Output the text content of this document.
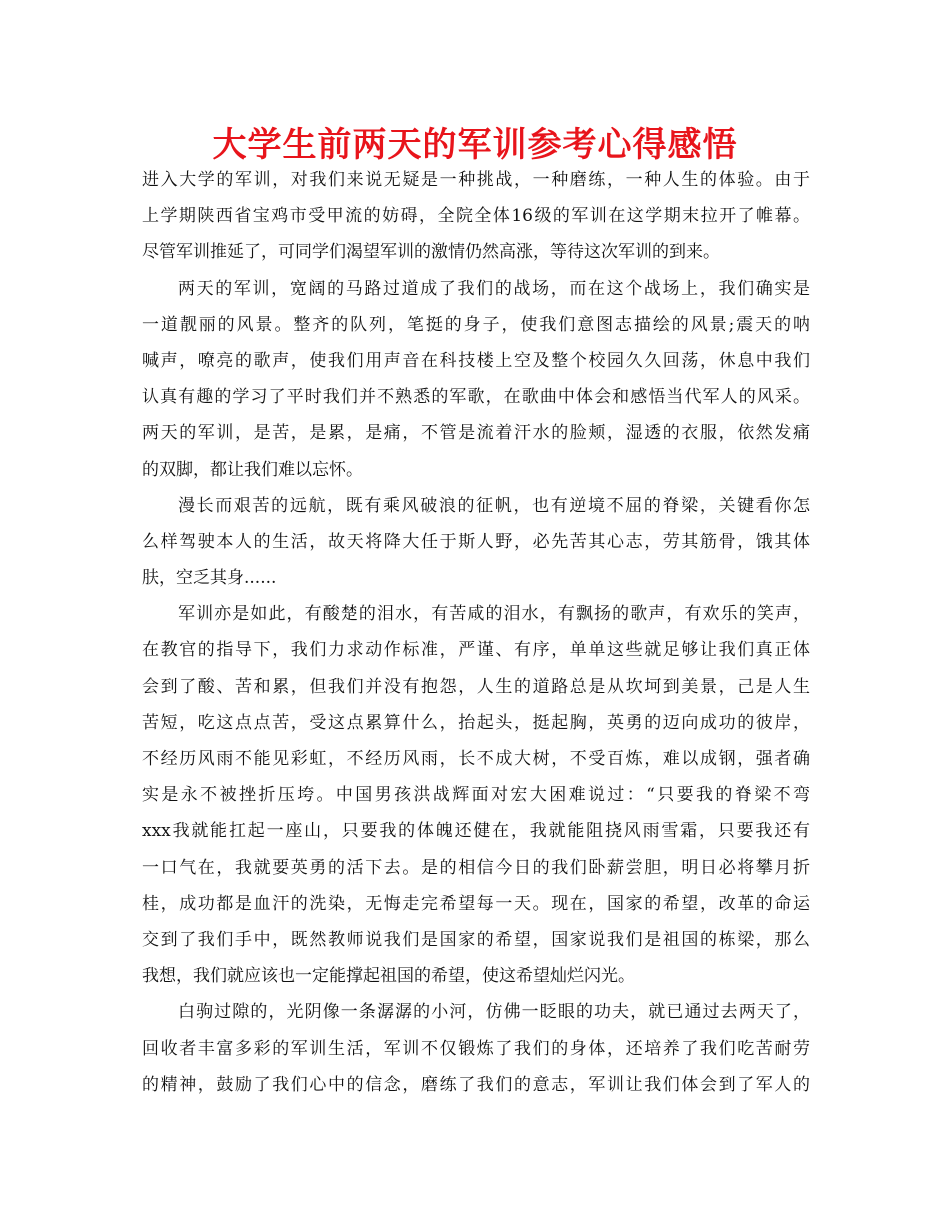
大学生前两天的军训参考心得感悟
进入大学的军训，对我们来说无疑是一种挑战，一种磨练，一种人生的体验。由于
上学期陕西省宝鸡市受甲流的妨碍，全院全体16级的军训在这学期末拉开了帷幕。
尽管军训推延了，可同学们渴望军训的激情仍然高涨，等待这次军训的到来。
两天的军训，宽阔的马路过道成了我们的战场，而在这个战场上，我们确实是
一道靓丽的风景。整齐的队列，笔挺的身子，使我们意图志描绘的风景;震天的呐
喊声，嘹亮的歌声，使我们用声音在科技楼上空及整个校园久久回荡，休息中我们
认真有趣的学习了平时我们并不熟悉的军歌，在歌曲中体会和感悟当代军人的风采。
两天的军训，是苦，是累，是痛，不管是流着汗水的脸颊，湿透的衣服，依然发痛
的双脚，都让我们难以忘怀。
漫长而艰苦的远航，既有乘风破浪的征帆，也有逆境不屈的脊梁，关键看你怎
么样驾驶本人的生活，故天将降大任于斯人野，必先苦其心志，劳其筋骨，饿其体
肤，空乏其身......
军训亦是如此，有酸楚的泪水，有苦咸的泪水，有飘扬的歌声，有欢乐的笑声，
在教官的指导下，我们力求动作标准，严谨、有序，单单这些就足够让我们真正体
会到了酸、苦和累，但我们并没有抱怨，人生的道路总是从坎坷到美景，己是人生
苦短，吃这点点苦，受这点累算什么，抬起头，挺起胸，英勇的迈向成功的彼岸，
不经历风雨不能见彩虹，不经历风雨，长不成大树，不受百炼，难以成钢，强者确
实是永不被挫折压垮。中国男孩洪战辉面对宏大困难说过：“只要我的脊梁不弯
xxx我就能扛起一座山，只要我的体魄还健在，我就能阻挠风雨雪霜，只要我还有
一口气在，我就要英勇的活下去。是的相信今日的我们卧薪尝胆，明日必将攀月折
桂，成功都是血汗的洗染，无悔走完希望每一天。现在，国家的希望，改革的命运
交到了我们手中，既然教师说我们是国家的希望，国家说我们是祖国的栋梁，那么
我想，我们就应该也一定能撑起祖国的希望，使这希望灿烂闪光。
白驹过隙的，光阴像一条潺潺的小河，仿佛一眨眼的功夫，就已通过去两天了，
回收者丰富多彩的军训生活，军训不仅锻炼了我们的身体，还培养了我们吃苦耐劳
的精神，鼓励了我们心中的信念，磨练了我们的意志，军训让我们体会到了军人的
